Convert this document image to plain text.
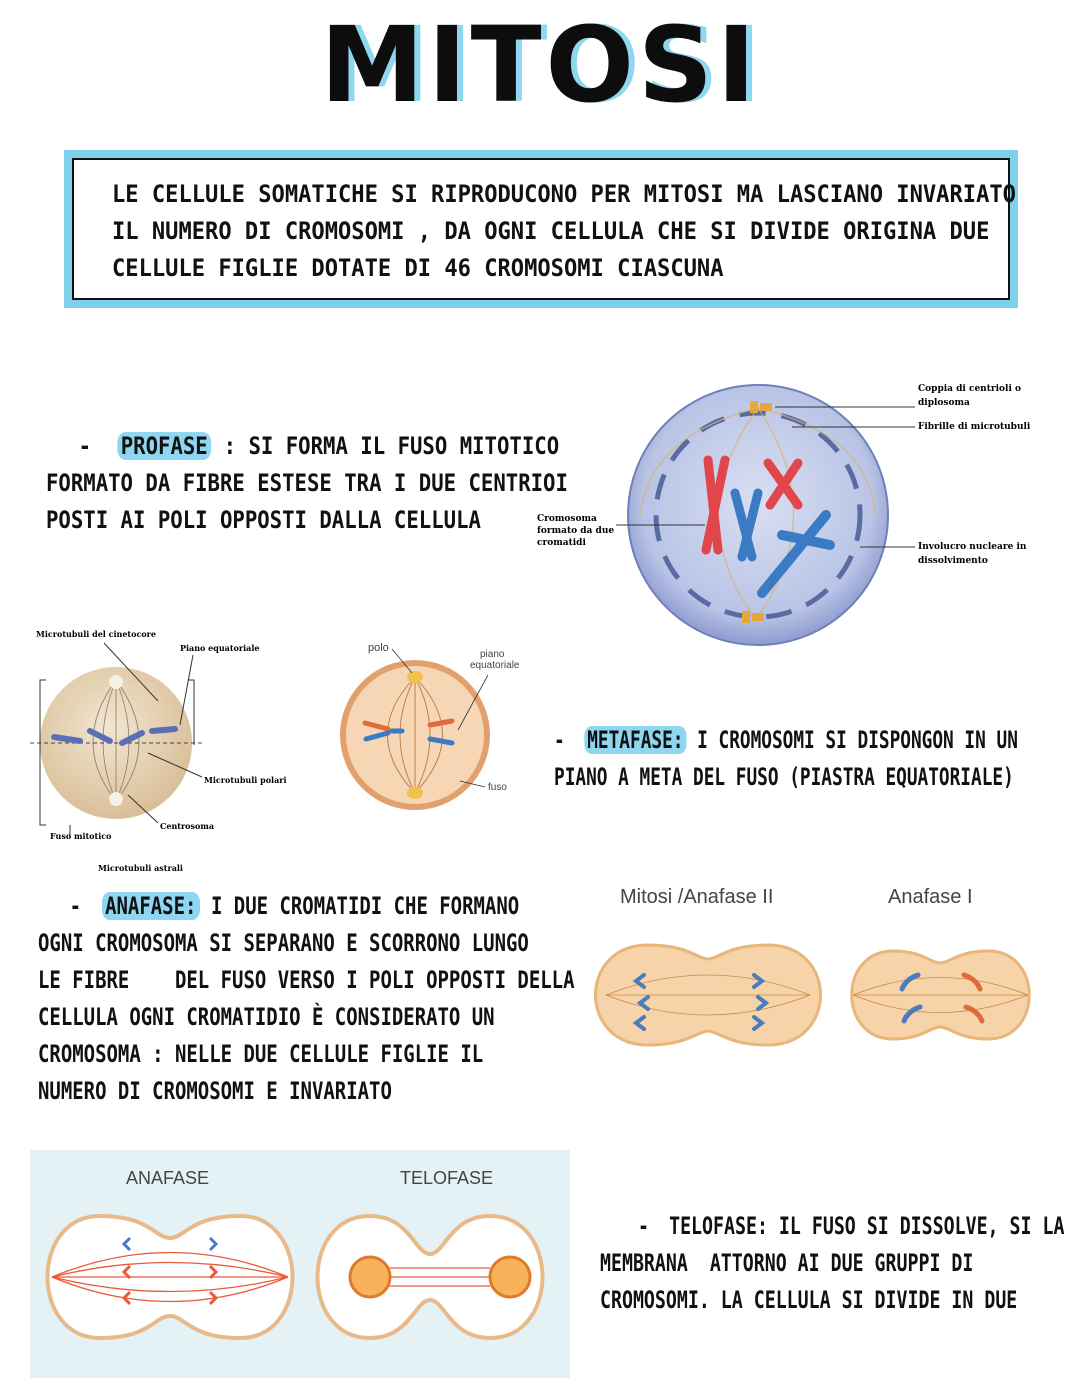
MITOSI
LE CELLULE SOMATICHE SI RIPRODUCONO PER MITOSI MA LASCIANO INVARIATO
IL NUMERO DI CROMOSOMI , DA OGNI CELLULA CHE SI DIVIDE ORIGINA DUE
CELLULE FIGLIE DOTATE DI 46 CROMOSOMI CIASCUNA
- PROFASE : SI FORMA IL FUSO MITOTICO
FORMATO DA FIBRE ESTESE TRA I DUE CENTRIOI
POSTI AI POLI OPPOSTI DALLA CELLULA
Coppia di centrioli o
diplosoma
Fibrille di microtubuli
Cromosoma
formato da due
cromatidi	Involucro nucleare in
dissolvimento
Microtubuli del cinetocore
Piano equatoriale
Microtubuli polari
Centrosoma
Fuso mitotico
Microtubuli astrali
polo
piano
equatoriale
fuso
- METAFASE: I CROMOSOMI SI DISPONGON IN UN
PIANO A META DEL FUSO (PIASTRA EQUATORIALE)
- ANAFASE: I DUE CROMATIDI CHE FORMANO
OGNI CROMOSOMA SI SEPARANO E SCORRONO LUNGO
LE FIBRE    DEL FUSO VERSO I POLI OPPOSTI DELLA
CELLULA OGNI CROMATIDIO È CONSIDERATO UN
CROMOSOMA : NELLE DUE CELLULE FIGLIE IL
NUMERO DI CROMOSOMI E INVARIATO
Mitosi /Anafase II	Anafase I
ANAFASE	TELOFASE
- TELOFASE: IL FUSO SI DISSOLVE, SI LA
MEMBRANA  ATTORNO AI DUE GRUPPI DI
CROMOSOMI. LA CELLULA SI DIVIDE IN DUE
